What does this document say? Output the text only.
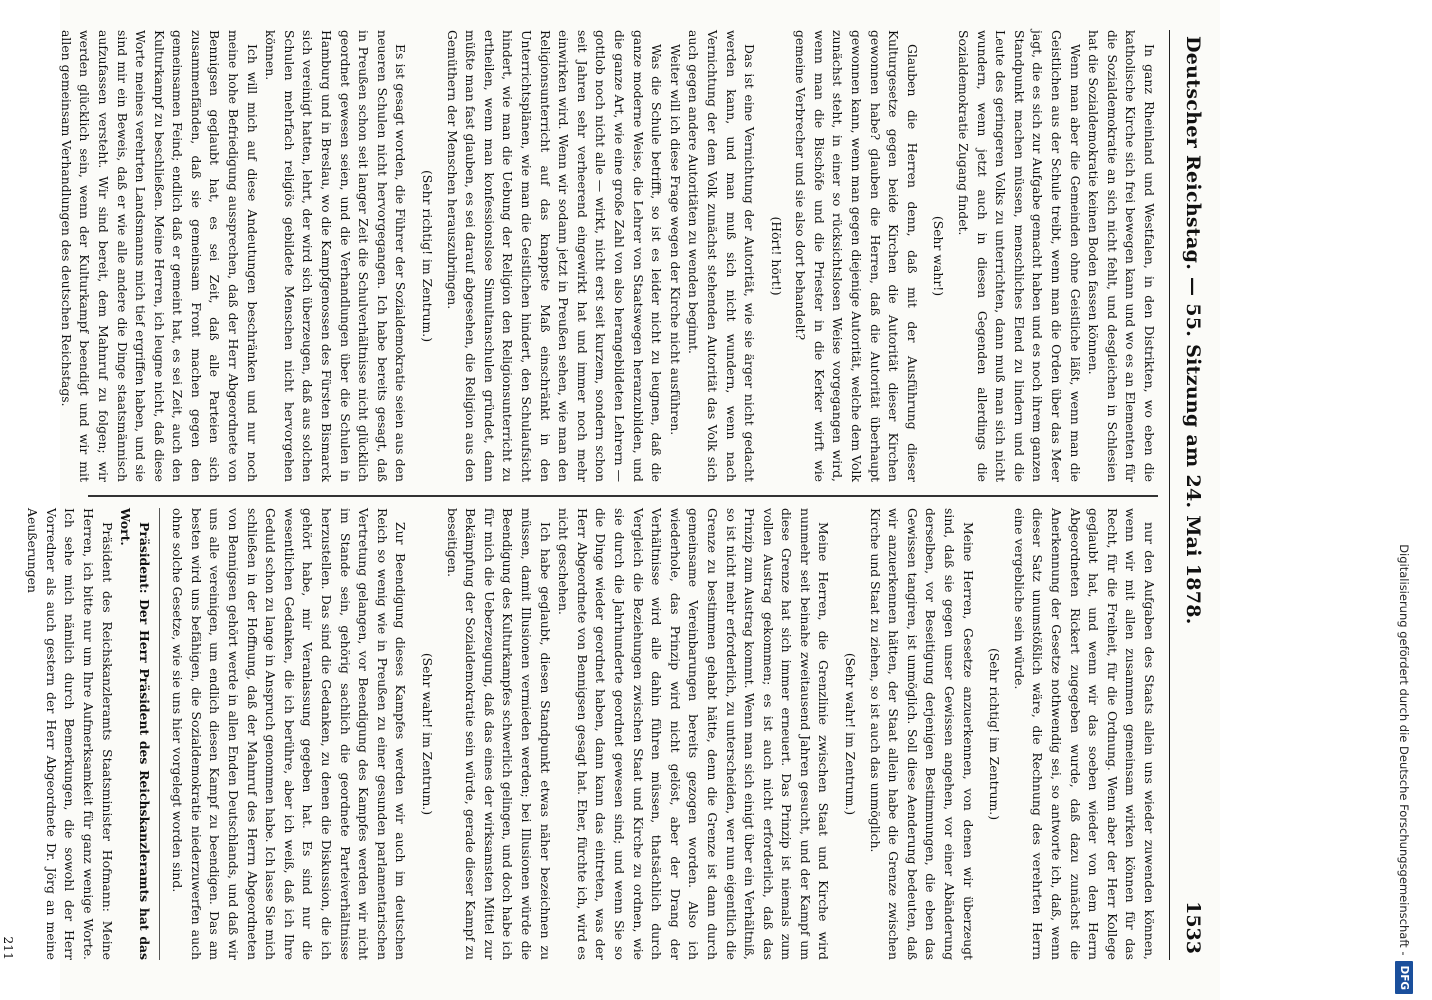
Deutscher Reichstag. — 55. Sitzung am 24. Mai 1878.
1533

In ganz Rheinland und Westfalen, in den Distrikten, wo eben die katholische Kirche sich frei bewegen kann und wo es an Elementen für die Sozialdemokratie an sich nicht fehlt, und desgleichen in Schlesien hat die Sozialdemokratie keinen Boden fassen können.

Wenn man aber die Gemeinden ohne Geistliche läßt, wenn man die Geistlichen aus der Schule treibt, wenn man die Orden über das Meer jagt, die es sich zur Aufgabe gemacht haben und es noch ihrem ganzen Standpunkt machen müssen, menschliches Elend zu lindern und die Leute des geringeren Volks zu unterrichten, dann muß man sich nicht wundern, wenn jetzt auch in diesen Gegenden allerdings die Sozialdemokratie Zugang findet.

(Sehr wahr!)

Glauben die Herren denn, daß mit der Ausführung dieser Kulturgesetze gegen beide Kirchen die Autorität dieser Kirchen gewonnen habe? glauben die Herren, daß die Autorität überhaupt gewonnen kann, wenn man gegen diejenige Autorität, welche dem Volk zunächst steht, in einer so rücksichtslosen Weise vorgegangen wird, wenn man die Bischöfe und die Priester in die Kerker wirft wie gemeine Verbrecher und sie also dort behandelt?

(Hört! hört!)

Das ist eine Vernichtung der Autorität, wie sie ärger nicht gedacht werden kann, und man muß sich nicht wundern, wenn nach Vernichtung der dem Volk zunächst stehenden Autorität das Volk sich auch gegen andere Autoritäten zu wenden beginnt.

Weiter will ich diese Frage wegen der Kirche nicht ausführen.

Was die Schule betrifft, so ist es leider nicht zu leugnen, daß die ganze moderne Weise, die Lehrer von Staatswegen heranzubilden, und die ganze Art, wie eine große Zahl von also herangebildeten Lehrern — gottlob noch nicht alle — wirkt, nicht erst seit kurzem, sondern schon seit Jahren sehr verheerend eingewirkt hat und immer noch mehr einwirken wird. Wenn wir sodann jetzt in Preußen sehen, wie man den Religionsunterricht auf das knappste Maß einschränkt in den Unterrichtsplänen, wie man die Geistlichen hindert, den Schulaufsicht hindert, wie man die Uebung der Religion den Religionsunterricht zu ertheilen, wenn man konfessionslose Simultanschulen gründet, dann müßte man fast glauben, es sei darauf abgesehen, die Religion aus den Gemüthern der Menschen herauszubringen.

(Sehr richtig! im Zentrum.)

Es ist gesagt worden, die Führer der Sozialdemokratie seien aus den neueren Schulen nicht hervorgegangen. Ich habe bereits gesagt, daß in Preußen schon seit langer Zeit die Schulverhältnisse nicht glücklich geordnet gewesen seien, und die Verhandlungen über die Schulen in Hamburg und in Breslau, wo die Kampfgenossen des Fürsten Bismarck sich vereinigt hatten, lehrt, der wird sich überzeugen, daß aus solchen Schulen mehrfach religiös gebildete Menschen nicht hervorgehen können.

Ich will mich auf diese Andeutungen beschränken und nur noch meine hohe Befriedigung aussprechen, daß der Herr Abgeordnete von Bennigsen geglaubt hat, es sei Zeit, daß alle Parteien sich zusammenfänden, daß sie gemeinsam Front machen gegen den gemeinsamen Feind; endlich daß er gemeint hat, es sei Zeit, auch den Kulturkampf zu beschließen. Meine Herren, ich leugne nicht, daß diese Worte meines verehrten Landsmanns mich tief ergriffen haben, und sie sind mir ein Beweis, daß er wie alle andere die Dinge staatsmännisch aufzufassen versteht. Wir sind bereit, dem Mahnruf zu folgen; wir werden glücklich sein, wenn der Kulturkampf beendigt und wir mit allen gemeinsam Verhandlungen des deutschen Reichstags.

nur den Aufgaben des Staats allein uns wieder zuwenden können, wenn wir mit allen zusammen gemeinsam wirken können für das Recht, für die Freiheit, für die Ordnung. Wenn aber der Herr Kollege geglaubt hat, und wenn wir das soeben wieder von dem Herrn Abgeordneten Rickert zugegeben wurde, daß dazu zunächst die Anerkennung der Gesetze nothwendig sei, so antworte ich, daß, wenn dieser Satz unumstößlich wäre, die Rechnung des verehrten Herrn eine vergebliche sein würde.

(Sehr richtig! im Zentrum.)

Meine Herren, Gesetze anzuerkennen, von denen wir überzeugt sind, daß sie gegen unser Gewissen angehen, vor einer Abänderung derselben, vor Beseitigung derjenigen Bestimmungen, die eben das Gewissen tangiren, ist unmöglich. Soll diese Aenderung bedeuten, daß wir anzuerkennen hätten, der Staat allein habe die Grenze zwischen Kirche und Staat zu ziehen, so ist auch das unmöglich.

(Sehr wahr! im Zentrum.)

Meine Herren, die Grenzlinie zwischen Staat und Kirche wird nunmehr seit beinahe zweitausend Jahren gesucht, und der Kampf um diese Grenze hat sich immer erneuert. Das Prinzip ist niemals zum vollen Austrag gekommen; es ist auch nicht erforderlich, daß das Prinzip zum Austrag kommt. Wenn man sich einigt über ein Verhältniß, so ist nicht mehr erforderlich, zu unterscheiden, wer nun eigentlich die Grenze zu bestimmen gehabt hätte, denn die Grenze ist dann durch gemeinsame Vereinbarungen bereits gezogen worden. Also ich wiederhole, das Prinzip wird nicht gelöst, aber der Drang der Verhältnisse wird alle dahin führen müssen, thatsächlich durch Vergleich die Beziehungen zwischen Staat und Kirche zu ordnen, wie sie durch die Jahrhunderte geordnet gewesen sind; und wenn Sie so die Dinge wieder geordnet haben, dann kann das eintreten, was der Herr Abgeordnete von Bennigsen gesagt hat. Eher, fürchte ich, wird es nicht geschehen.

Ich habe geglaubt, diesen Standpunkt etwas näher bezeichnen zu müssen, damit Illusionen vermieden werden; bei Illusionen würde die Beendigung des Kulturkampfes schwerlich gelingen, und doch habe ich für mich die Ueberzeugung, daß das eines der wirksamsten Mittel zur Bekämpfung der Sozialdemokratie sein würde, gerade dieser Kampf zu beseitigen.

(Sehr wahr! im Zentrum.)

Zur Beendigung dieses Kampfes werden wir auch im deutschen Reich so wenig wie in Preußen zu einer gesunden parlamentarischen Vertretung gelangen, vor Beendigung des Kampfes werden wir nicht im Stande sein, gehörig sachlich die geordnete Parteiverhältnisse herzustellen. Das sind die Gedanken, zu denen die Diskussion, die ich gehört habe, mir Veranlassung gegeben hat. Es sind nur die wesentlichen Gedanken, die ich berühre, aber ich weiß, daß ich Ihre Geduld schon zu lange in Anspruch genommen habe. Ich lasse Sie mich schließen in der Hoffnung, daß der Mahnruf des Herrn Abgeordneten von Bennigsen gehört werde in allen Enden Deutschlands, und daß wir uns alle vereinigen, um endlich diesen Kampf zu beendigen. Das am besten wird uns befähigen, die Sozialdemokratie niederzuwerfen auch ohne solche Gesetze, wie sie uns hier vorgelegt worden sind.

Präsident: Der Herr Präsident des Reichskanzleramts hat das Wort.

Präsident des Reichskanzleramts Staatsminister Hofmann: Meine Herren, ich bitte nur um Ihre Aufmerksamkeit für ganz wenige Worte. Ich sehe mich nämlich durch Bemerkungen, die sowohl der Herr Vorredner als auch gestern der Herr Abgeordnete Dr. Jörg an meine Aeußerungen

211	Digitalisierung gefördert durch die Deutsche Forschungsgemeinschaft -
DFG
